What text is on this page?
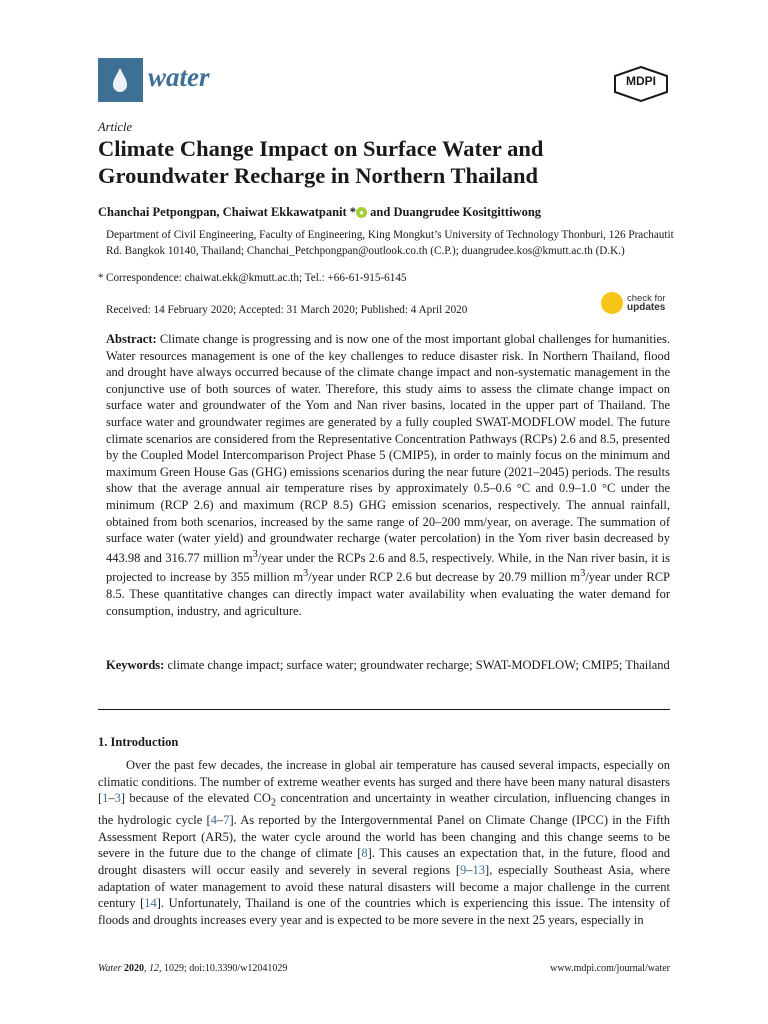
water	MDPI
Article
Climate Change Impact on Surface Water and Groundwater Recharge in Northern Thailand
Chanchai Petpongpan, Chaiwat Ekkawatpanit * ● and Duangrudee Kositgittiwong
Department of Civil Engineering, Faculty of Engineering, King Mongkut’s University of Technology Thonburi, 126 Prachautit Rd. Bangkok 10140, Thailand; Chanchai_Petchpongpan@outlook.co.th (C.P.); duangrudee.kos@kmutt.ac.th (D.K.)
* Correspondence: chaiwat.ekk@kmutt.ac.th; Tel.: +66-61-915-6145
Received: 14 February 2020; Accepted: 31 March 2020; Published: 4 April 2020
check for
updates
Abstract: Climate change is progressing and is now one of the most important global challenges for humanities. Water resources management is one of the key challenges to reduce disaster risk. In Northern Thailand, flood and drought have always occurred because of the climate change impact and non-systematic management in the conjunctive use of both sources of water. Therefore, this study aims to assess the climate change impact on surface water and groundwater of the Yom and Nan river basins, located in the upper part of Thailand. The surface water and groundwater regimes are generated by a fully coupled SWAT-MODFLOW model. The future climate scenarios are considered from the Representative Concentration Pathways (RCPs) 2.6 and 8.5, presented by the Coupled Model Intercomparison Project Phase 5 (CMIP5), in order to mainly focus on the minimum and maximum Green House Gas (GHG) emissions scenarios during the near future (2021–2045) periods. The results show that the average annual air temperature rises by approximately 0.5–0.6 °C and 0.9–1.0 °C under the minimum (RCP 2.6) and maximum (RCP 8.5) GHG emission scenarios, respectively. The annual rainfall, obtained from both scenarios, increased by the same range of 20–200 mm/year, on average. The summation of surface water (water yield) and groundwater recharge (water percolation) in the Yom river basin decreased by 443.98 and 316.77 million $m^3$/year under the RCPs 2.6 and 8.5, respectively. While, in the Nan river basin, it is projected to increase by 355 million $m^3$/year under RCP 2.6 but decrease by 20.79 million $m^3$/year under RCP 8.5. These quantitative changes can directly impact water availability when evaluating the water demand for consumption, industry, and agriculture.
Keywords: climate change impact; surface water; groundwater recharge; SWAT-MODFLOW; CMIP5; Thailand
1. Introduction
Over the past few decades, the increase in global air temperature has caused several impacts, especially on climatic conditions. The number of extreme weather events has surged and there have been many natural disasters [1–3] because of the elevated $CO_2$ concentration and uncertainty in weather circulation, influencing changes in the hydrologic cycle [4–7]. As reported by the Intergovernmental Panel on Climate Change (IPCC) in the Fifth Assessment Report (AR5), the water cycle around the world has been changing and this change seems to be severe in the future due to the change of climate [8]. This causes an expectation that, in the future, flood and drought disasters will occur easily and severely in several regions [9–13], especially Southeast Asia, where adaptation of water management to avoid these natural disasters will become a major challenge in the current century [14]. Unfortunately, Thailand is one of the countries which is experiencing this issue. The intensity of floods and droughts increases every year and is expected to be more severe in the next 25 years, especially in
Water 2020, 12, 1029; doi:10.3390/w12041029	www.mdpi.com/journal/water
